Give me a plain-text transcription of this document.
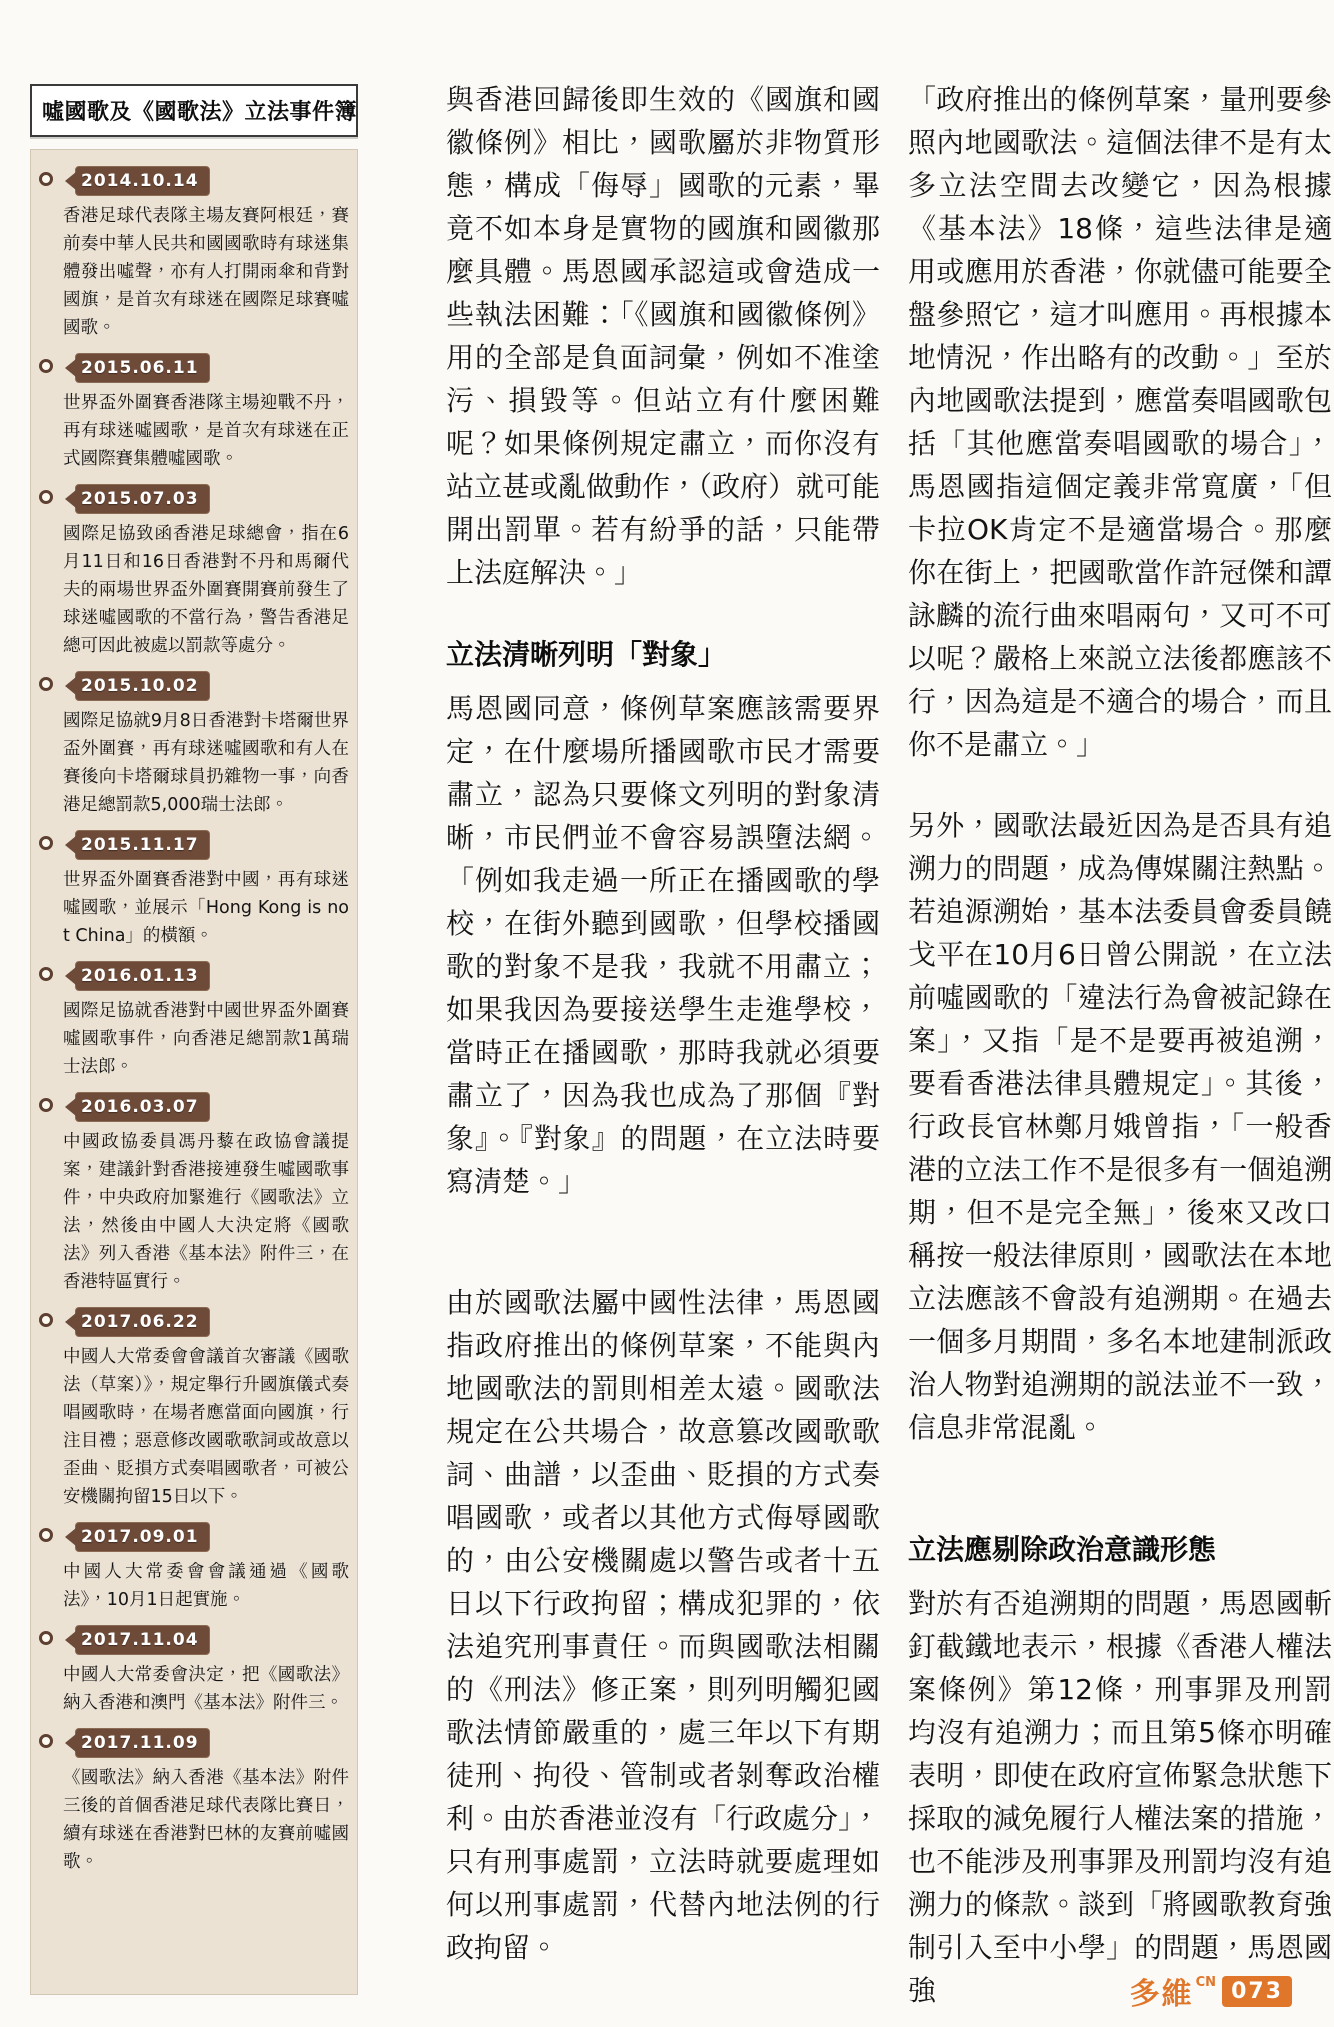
噓國歌及《國歌法》立法事件簿
2014.10.14
香港足球代表隊主場友賽阿根廷，賽前奏中華人民共和國國歌時有球迷集體發出噓聲，亦有人打開雨傘和背對國旗，是首次有球迷在國際足球賽噓國歌。
2015.06.11
世界盃外圍賽香港隊主場迎戰不丹，再有球迷噓國歌，是首次有球迷在正式國際賽集體噓國歌。
2015.07.03
國際足協致函香港足球總會，指在6月11日和16日香港對不丹和馬爾代夫的兩場世界盃外圍賽開賽前發生了球迷噓國歌的不當行為，警告香港足總可因此被處以罰款等處分。
2015.10.02
國際足協就9月8日香港對卡塔爾世界盃外圍賽，再有球迷噓國歌和有人在賽後向卡塔爾球員扔雜物一事，向香港足總罰款5,000瑞士法郎。
2015.11.17
世界盃外圍賽香港對中國，再有球迷噓國歌，並展示「Hong Kong is not China」的橫額。
2016.01.13
國際足協就香港對中國世界盃外圍賽噓國歌事件，向香港足總罰款1萬瑞士法郎。
2016.03.07
中國政協委員馮丹藜在政協會議提案，建議針對香港接連發生噓國歌事件，中央政府加緊進行《國歌法》立法，然後由中國人大決定將《國歌法》列入香港《基本法》附件三，在香港特區實行。
2017.06.22
中國人大常委會會議首次審議《國歌法（草案）》，規定舉行升國旗儀式奏唱國歌時，在場者應當面向國旗，行注目禮；惡意修改國歌歌詞或故意以歪曲、貶損方式奏唱國歌者，可被公安機關拘留15日以下。
2017.09.01
中國人大常委會會議通過《國歌法》，10月1日起實施。
2017.11.04
中國人大常委會決定，把《國歌法》納入香港和澳門《基本法》附件三。
2017.11.09
《國歌法》納入香港《基本法》附件三後的首個香港足球代表隊比賽日，續有球迷在香港對巴林的友賽前噓國歌。

與香港回歸後即生效的《國旗和國徽條例》相比，國歌屬於非物質形態，構成「侮辱」國歌的元素，畢竟不如本身是實物的國旗和國徽那麼具體。馬恩國承認這或會造成一些執法困難：「《國旗和國徽條例》用的全部是負面詞彙，例如不准塗污、損毀等。但站立有什麼困難呢？如果條例規定肅立，而你沒有站立甚或亂做動作，（政府）就可能開出罰單。若有紛爭的話，只能帶上法庭解決。」

立法清晰列明「對象」

馬恩國同意，條例草案應該需要界定，在什麼場所播國歌市民才需要肅立，認為只要條文列明的對象清晰，市民們並不會容易誤墮法網。「例如我走過一所正在播國歌的學校，在街外聽到國歌，但學校播國歌的對象不是我，我就不用肅立；如果我因為要接送學生走進學校，當時正在播國歌，那時我就必須要肅立了，因為我也成為了那個『對象』。『對象』的問題，在立法時要寫清楚。」

由於國歌法屬中國性法律，馬恩國指政府推出的條例草案，不能與內地國歌法的罰則相差太遠。國歌法規定在公共場合，故意篡改國歌歌詞、曲譜，以歪曲、貶損的方式奏唱國歌，或者以其他方式侮辱國歌的，由公安機關處以警告或者十五日以下行政拘留；構成犯罪的，依法追究刑事責任。而與國歌法相關的《刑法》修正案，則列明觸犯國歌法情節嚴重的，處三年以下有期徒刑、拘役、管制或者剝奪政治權利。由於香港並沒有「行政處分」，只有刑事處罰，立法時就要處理如何以刑事處罰，代替內地法例的行政拘留。

「政府推出的條例草案，量刑要參照內地國歌法。這個法律不是有太多立法空間去改變它，因為根據《基本法》18條，這些法律是適用或應用於香港，你就儘可能要全盤參照它，這才叫應用。再根據本地情況，作出略有的改動。」至於內地國歌法提到，應當奏唱國歌包括「其他應當奏唱國歌的場合」，馬恩國指這個定義非常寬廣，「但卡拉OK肯定不是適當場合。那麼你在街上，把國歌當作許冠傑和譚詠麟的流行曲來唱兩句，又可不可以呢？嚴格上來説立法後都應該不行，因為這是不適合的場合，而且你不是肅立。」

另外，國歌法最近因為是否具有追溯力的問題，成為傳媒關注熱點。若追源溯始，基本法委員會委員饒戈平在10月6日曾公開説，在立法前噓國歌的「違法行為會被記錄在案」，又指「是不是要再被追溯，要看香港法律具體規定」。其後，行政長官林鄭月娥曾指，「一般香港的立法工作不是很多有一個追溯期，但不是完全無」，後來又改口稱按一般法律原則，國歌法在本地立法應該不會設有追溯期。在過去一個多月期間，多名本地建制派政治人物對追溯期的説法並不一致，信息非常混亂。

立法應剔除政治意識形態

對於有否追溯期的問題，馬恩國斬釘截鐵地表示，根據《香港人權法案條例》第12條，刑事罪及刑罰均沒有追溯力；而且第5條亦明確表明，即使在政府宣佈緊急狀態下採取的減免履行人權法案的措施，也不能涉及刑事罪及刑罰均沒有追溯力的條款。談到「將國歌教育強制引入至中小學」的問題，馬恩國強	多維 CN 073
